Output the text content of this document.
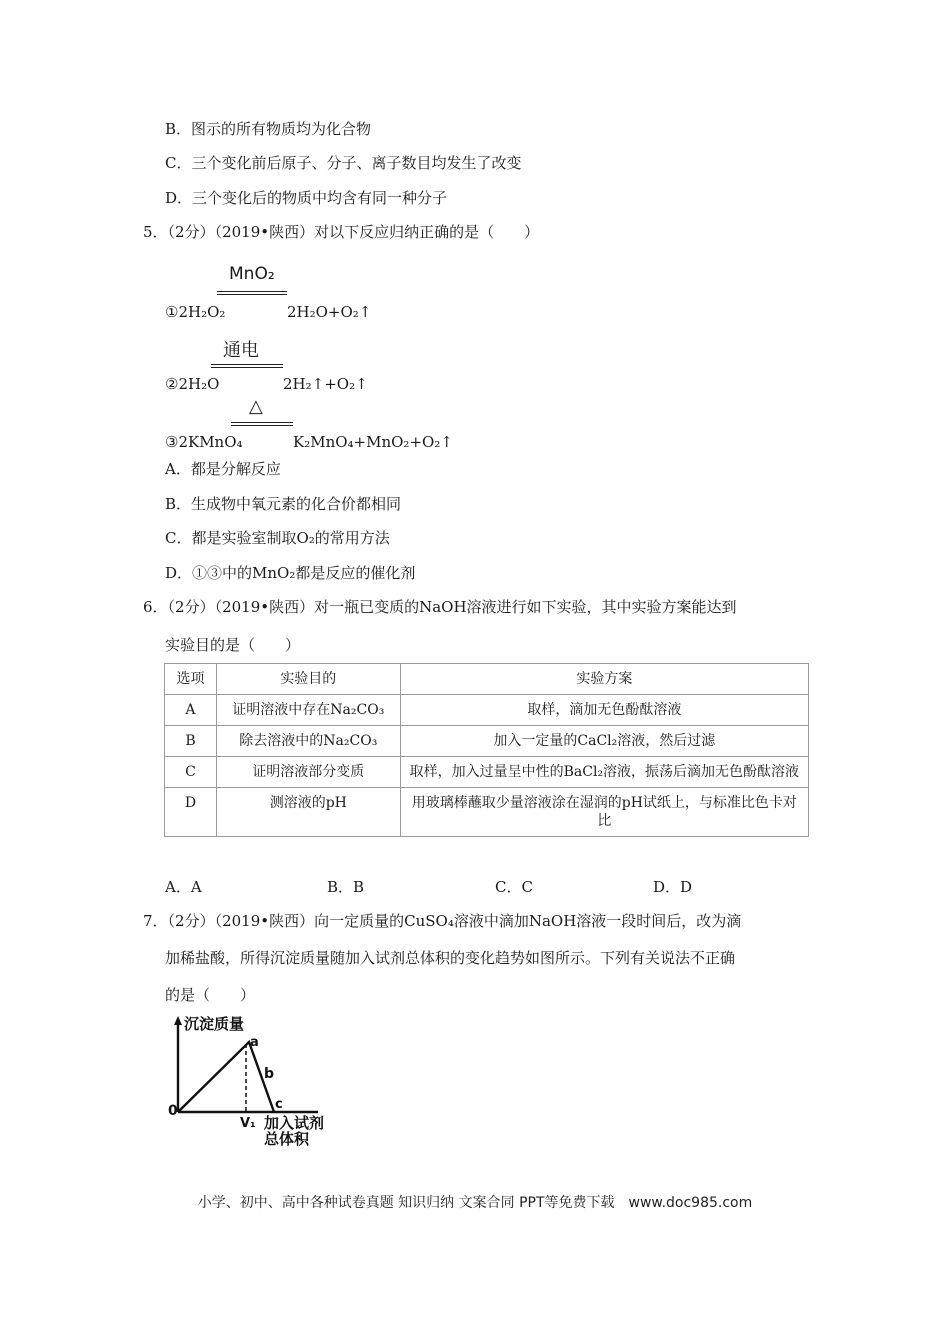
B．图示的所有物质均为化合物
C．三个变化前后原子、分子、离子数目均发生了改变
D．三个变化后的物质中均含有同一种分子
5．（2分）（2019•陕西）对以下反应归纳正确的是（　　）
①2H₂O₂
MnO₂
2H₂O+O₂↑
②2H₂O
通电
2H₂↑+O₂↑
③2KMnO₄
△
K₂MnO₄+MnO₂+O₂↑
A．都是分解反应
B．生成物中氧元素的化合价都相同
C．都是实验室制取O₂的常用方法
D．①③中的MnO₂都是反应的催化剂
6．（2分）（2019•陕西）对一瓶已变质的NaOH溶液进行如下实验，其中实验方案能达到
实验目的是（　　）
选项	实验目的	实验方案
A	证明溶液中存在Na₂CO₃	取样，滴加无色酚酞溶液
B	除去溶液中的Na₂CO₃	加入一定量的CaCl₂溶液，然后过滤
C	证明溶液部分变质	取样，加入过量呈中性的BaCl₂溶液，振荡后滴加无色酚酞溶液
D	测溶液的pH	用玻璃棒蘸取少量溶液涂在湿润的pH试纸上，与标准比色卡对比
A．A	B．B	C．C	D．D
7．（2分）（2019•陕西）向一定质量的CuSO₄溶液中滴加NaOH溶液一段时间后，改为滴
加稀盐酸，所得沉淀质量随加入试剂总体积的变化趋势如图所示。下列有关说法不正确
的是（　　）
沉淀质量
a
b
c
0
V₁ 加入试剂
总体积
小学、初中、高中各种试卷真题 知识归纳 文案合同 PPT等免费下载　www.doc985.com
